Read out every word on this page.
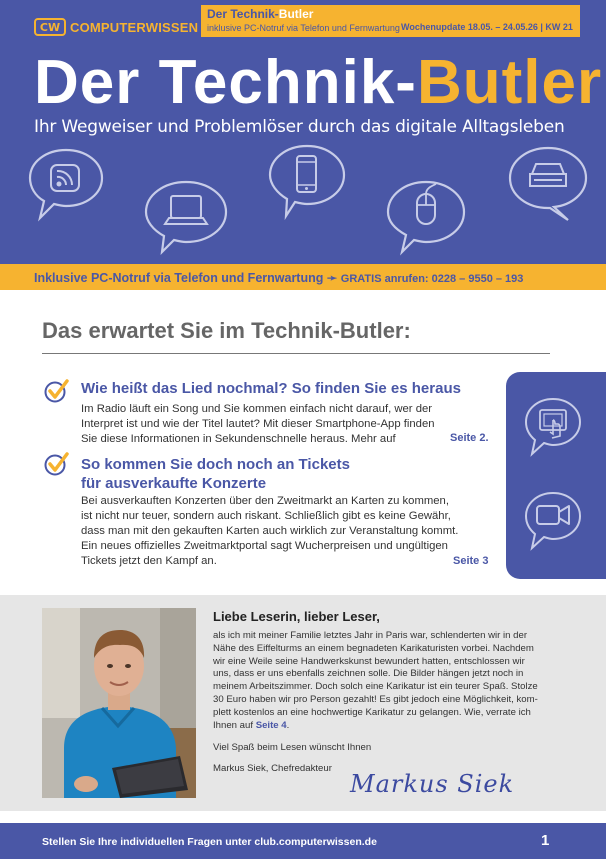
CW COMPUTERWISSEN
Der Technik-Butler
inklusive PC-Notruf via Telefon und Fernwartung Wochenupdate 18.05. – 24.05.26 | KW 21
Der Technik-Butler
Ihr Wegweiser und Problemlöser durch das digitale Alltagsleben
Inklusive PC-Notruf via Telefon und Fernwartung ➛ GRATIS anrufen: 0228 – 9550 – 193
Das erwartet Sie im Technik-Butler:
Wie heißt das Lied nochmal? So finden Sie es heraus
Im Radio läuft ein Song und Sie kommen einfach nicht darauf, wer der
Interpret ist und wie der Titel lautet? Mit dieser Smartphone-App finden
Sie diese Informationen in Sekundenschnelle heraus. Mehr auf	Seite 2.
So kommen Sie doch noch an Tickets
für ausverkaufte Konzerte
Bei ausverkauften Konzerten über den Zweitmarkt an Karten zu kommen,
ist nicht nur teuer, sondern auch riskant. Schließlich gibt es keine Gewähr,
dass man mit den gekauften Karten auch wirklich zur Veranstaltung kommt.
Ein neues offizielles Zweitmarktportal sagt Wucherpreisen und ungültigen
Tickets jetzt den Kampf an.	Seite 3
Liebe Leserin, lieber Leser,
als ich mit meiner Familie letztes Jahr in Paris war, schlenderten wir in der
Nähe des Eiffelturms an einem begnadeten Karikaturisten vorbei. Nachdem
wir eine Weile seine Handwerkskunst bewundert hatten, entschlossen wir
uns, dass er uns ebenfalls zeichnen solle. Die Bilder hängen jetzt noch in
meinem Arbeitszimmer. Doch solch eine Karikatur ist ein teurer Spaß. Stolze
30 Euro haben wir pro Person gezahlt! Es gibt jedoch eine Möglichkeit, kom-
plett kostenlos an eine hochwertige Karikatur zu gelangen. Wie, verrate ich
Ihnen auf Seite 4.
Viel Spaß beim Lesen wünscht Ihnen
Markus Siek, Chefredakteur
Markus Siek
Stellen Sie Ihre individuellen Fragen unter club.computerwissen.de	1
